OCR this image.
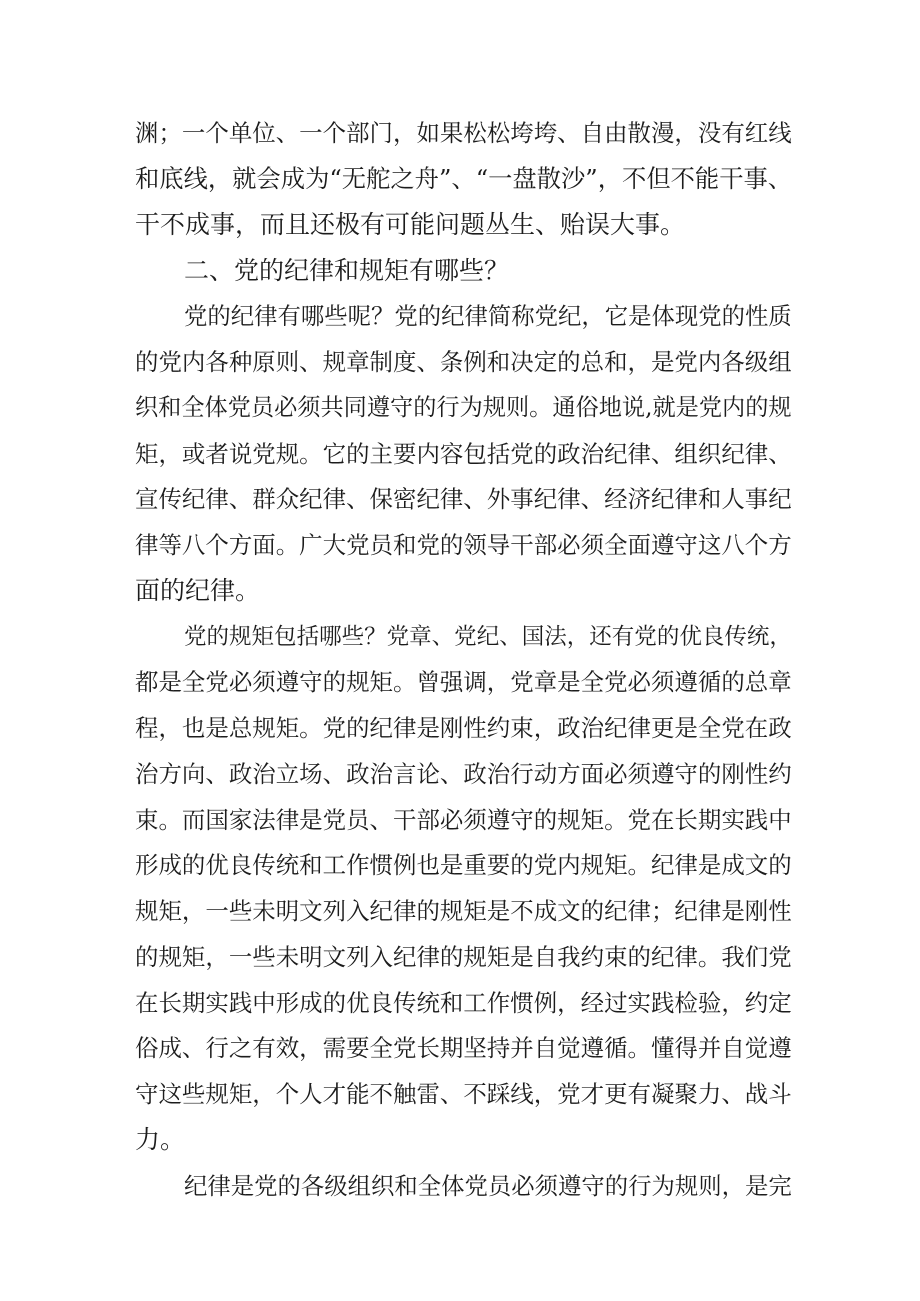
渊；一个单位、一个部门，如果松松垮垮、自由散漫，没有红线
和底线，就会成为“无舵之舟”、“一盘散沙”，不但不能干事、
干不成事，而且还极有可能问题丛生、贻误大事。
二、党的纪律和规矩有哪些？
党的纪律有哪些呢？党的纪律简称党纪，它是体现党的性质
的党内各种原则、规章制度、条例和决定的总和，是党内各级组
织和全体党员必须共同遵守的行为规则。通俗地说,就是党内的规
矩，或者说党规。它的主要内容包括党的政治纪律、组织纪律、
宣传纪律、群众纪律、保密纪律、外事纪律、经济纪律和人事纪
律等八个方面。广大党员和党的领导干部必须全面遵守这八个方
面的纪律。
党的规矩包括哪些？党章、党纪、国法，还有党的优良传统，
都是全党必须遵守的规矩。曾强调，党章是全党必须遵循的总章
程，也是总规矩。党的纪律是刚性约束，政治纪律更是全党在政
治方向、政治立场、政治言论、政治行动方面必须遵守的刚性约
束。而国家法律是党员、干部必须遵守的规矩。党在长期实践中
形成的优良传统和工作惯例也是重要的党内规矩。纪律是成文的
规矩，一些未明文列入纪律的规矩是不成文的纪律；纪律是刚性
的规矩，一些未明文列入纪律的规矩是自我约束的纪律。我们党
在长期实践中形成的优良传统和工作惯例，经过实践检验，约定
俗成、行之有效，需要全党长期坚持并自觉遵循。懂得并自觉遵
守这些规矩，个人才能不触雷、不踩线，党才更有凝聚力、战斗
力。
纪律是党的各级组织和全体党员必须遵守的行为规则，是完
